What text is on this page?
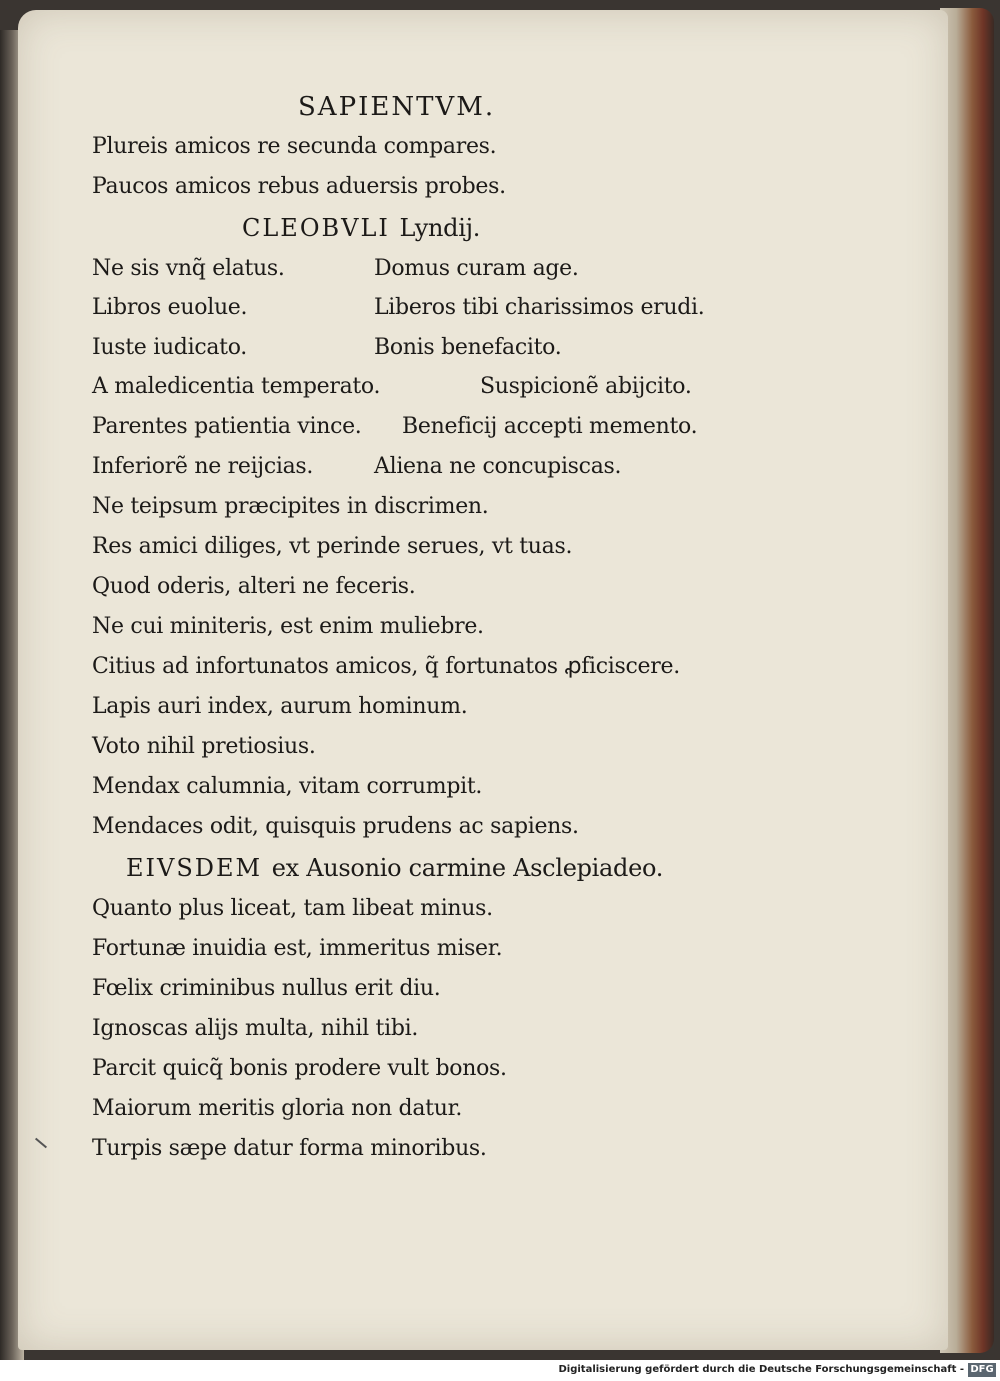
SAPIENTVM.
Plureis amicos re secunda compares.
Paucos amicos rebus aduersis probes.
CLEOBVLI Lyndij.
Ne sis vnq̃ elatus.	Domus curam age.
Libros euolue.	Liberos tibi charissimos erudi.
Iuste iudicato.	Bonis benefacito.
A maledicentia temperato.	Suspicionẽ abijcito.
Parentes patientia vince. Beneficij accepti memento.
Inferiorẽ ne reijcias.	Aliena ne concupiscas.
Ne teipsum præcipites in discrimen.
Res amici diliges, vt perinde serues, vt tuas.
Quod oderis, alteri ne feceris.
Ne cui miniteris, est enim muliebre.
Citius ad infortunatos amicos, q̃ fortunatos ꝓficiscere.
Lapis auri index, aurum hominum.
Voto nihil pretiosius.
Mendax calumnia, vitam corrumpit.
Mendaces odit, quisquis prudens ac sapiens.
EIVSDEM ex Ausonio carmine Asclepiadeo.
Quanto plus liceat, tam libeat minus.
Fortunæ inuidia est, immeritus miser.
Fœlix criminibus nullus erit diu.
Ignoscas alijs multa, nihil tibi.
Parcit quicq̃ bonis prodere vult bonos.
Maiorum meritis gloria non datur.
Turpis sæpe datur forma minoribus.
Digitalisierung gefördert durch die Deutsche Forschungsgemeinschaft - DFG
